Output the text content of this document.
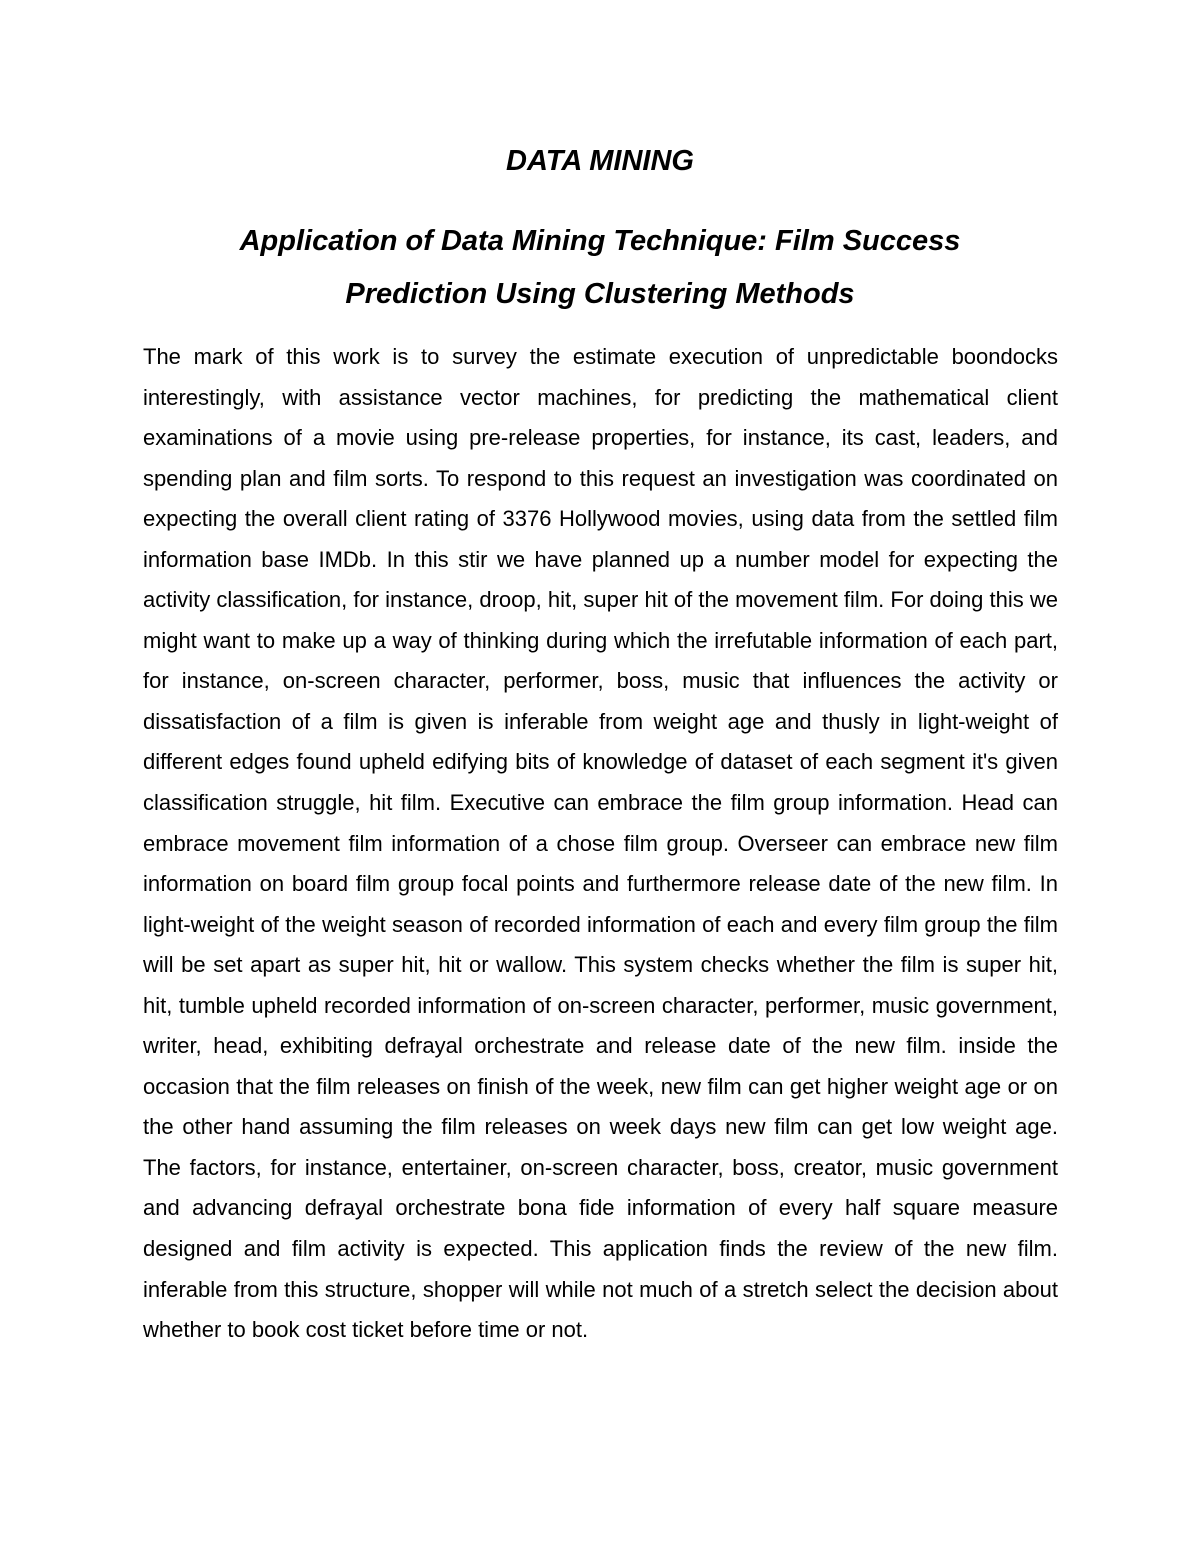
DATA MINING
Application of Data Mining Technique: Film Success
Prediction Using Clustering Methods

The mark of this work is to survey the estimate execution of unpredictable boondocks interestingly, with assistance vector machines, for predicting the mathematical client examinations of a movie using pre-release properties, for instance, its cast, leaders, and spending plan and film sorts. To respond to this request an investigation was coordinated on expecting the overall client rating of 3376 Hollywood movies, using data from the settled film information base IMDb. In this stir we have planned up a number model for expecting the activity classification, for instance, droop, hit, super hit of the movement film. For doing this we might want to make up a way of thinking during which the irrefutable information of each part, for instance, on-screen character, performer, boss, music that influences the activity or dissatisfaction of a film is given is inferable from weight age and thusly in light-weight of different edges found upheld edifying bits of knowledge of dataset of each segment it's given classification struggle, hit film. Executive can embrace the film group information. Head can embrace movement film information of a chose film group. Overseer can embrace new film information on board film group focal points and furthermore release date of the new film. In light-weight of the weight season of recorded information of each and every film group the film will be set apart as super hit, hit or wallow. This system checks whether the film is super hit, hit, tumble upheld recorded information of on-screen character, performer, music government, writer, head, exhibiting defrayal orchestrate and release date of the new film. inside the occasion that the film releases on finish of the week, new film can get higher weight age or on the other hand assuming the film releases on week days new film can get low weight age. The factors, for instance, entertainer, on-screen character, boss, creator, music government and advancing defrayal orchestrate bona fide information of every half square measure designed and film activity is expected. This application finds the review of the new film. inferable from this structure, shopper will while not much of a stretch select the decision about whether to book cost ticket before time or not.
